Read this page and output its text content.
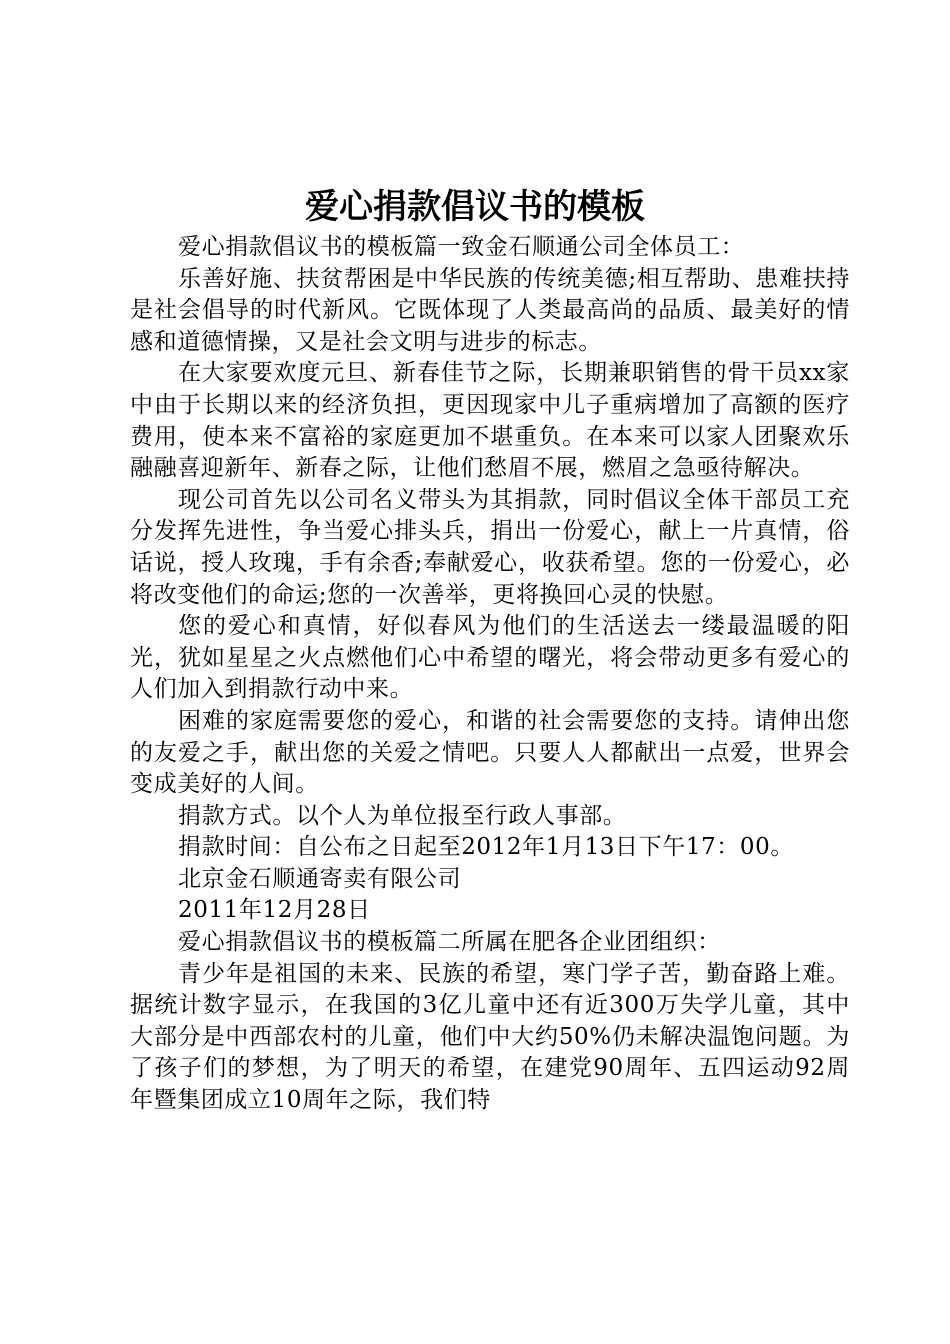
爱心捐款倡议书的模板

爱心捐款倡议书的模板篇一致金石顺通公司全体员工：

乐善好施、扶贫帮困是中华民族的传统美德;相互帮助、患难扶持是社会倡导的时代新风。它既体现了人类最高尚的品质、最美好的情感和道德情操，又是社会文明与进步的标志。

在大家要欢度元旦、新春佳节之际，长期兼职销售的骨干员xx家中由于长期以来的经济负担，更因现家中儿子重病增加了高额的医疗费用，使本来不富裕的家庭更加不堪重负。在本来可以家人团聚欢乐融融喜迎新年、新春之际，让他们愁眉不展，燃眉之急亟待解决。

现公司首先以公司名义带头为其捐款，同时倡议全体干部员工充分发挥先进性，争当爱心排头兵，捐出一份爱心，献上一片真情，俗话说，授人玫瑰，手有余香;奉献爱心，收获希望。您的一份爱心，必将改变他们的命运;您的一次善举，更将换回心灵的快慰。

您的爱心和真情，好似春风为他们的生活送去一缕最温暖的阳光，犹如星星之火点燃他们心中希望的曙光，将会带动更多有爱心的人们加入到捐款行动中来。

困难的家庭需要您的爱心，和谐的社会需要您的支持。请伸出您的友爱之手，献出您的关爱之情吧。只要人人都献出一点爱，世界会变成美好的人间。

捐款方式。以个人为单位报至行政人事部。

捐款时间：自公布之日起至2012年1月13日下午17：00。

北京金石顺通寄卖有限公司

2011年12月28日

爱心捐款倡议书的模板篇二所属在肥各企业团组织：

青少年是祖国的未来、民族的希望，寒门学子苦，勤奋路上难。据统计数字显示，在我国的3亿儿童中还有近300万失学儿童，其中大部分是中西部农村的儿童，他们中大约50%仍未解决温饱问题。为了孩子们的梦想，为了明天的希望，在建党90周年、五四运动92周年暨集团成立10周年之际，我们特
